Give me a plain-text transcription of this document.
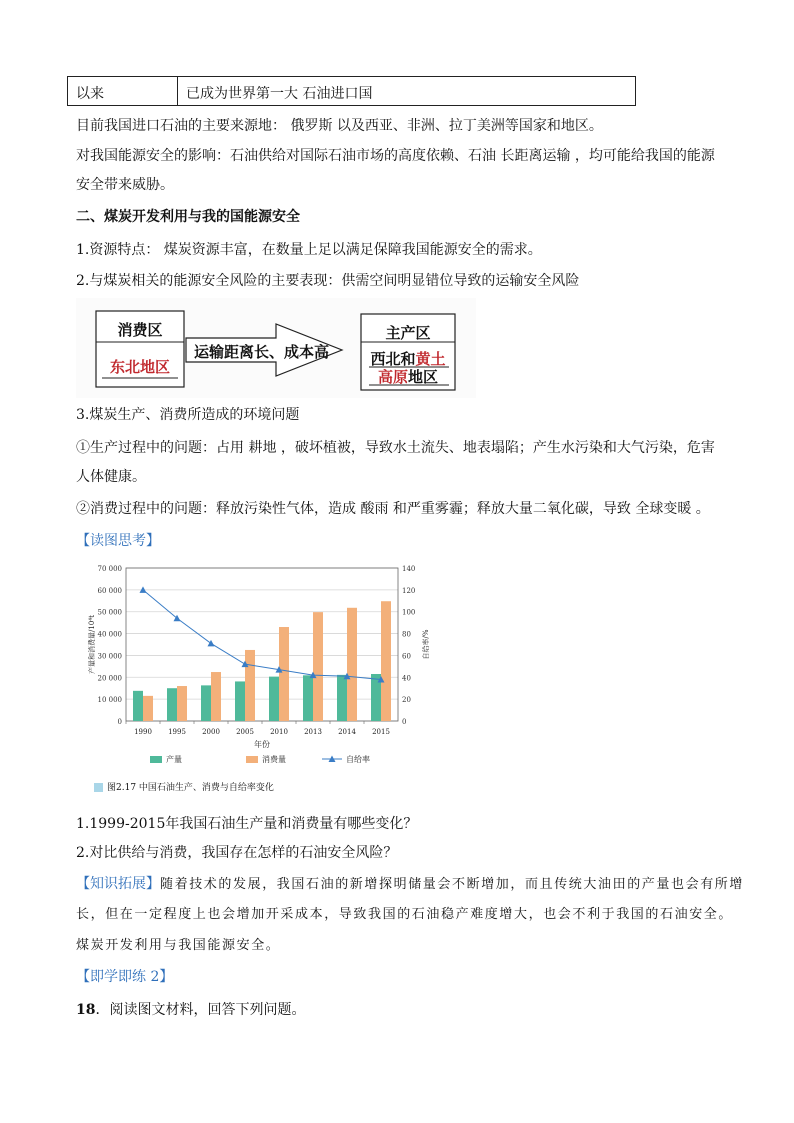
以来	已成为世界第一大 石油进口国
目前我国进口石油的主要来源地： 俄罗斯 以及西亚、非洲、拉丁美洲等国家和地区。
对我国能源安全的影响：石油供给对国际石油市场的高度依赖、石油 长距离运输 ，均可能给我国的能源
安全带来威胁。
二、煤炭开发利用与我的国能源安全
1.资源特点： 煤炭资源丰富，在数量上足以满足保障我国能源安全的需求。
2.与煤炭相关的能源安全风险的主要表现：供需空间明显错位导致的运输安全风险
消费区
东北地区
运输距离长、成本高
主产区
西北和黄土
高原地区
3.煤炭生产、消费所造成的环境问题
①生产过程中的问题：占用 耕地 ，破坏植被，导致水土流失、地表塌陷；产生水污染和大气污染，危害
人体健康。
②消费过程中的问题：释放污染性气体，造成 酸雨 和严重雾霾；释放大量二氧化碳，导致 全球变暖 。
【读图思考】
0
10 000
20 000
30 000
40 000
50 000
60 000
70 000
0
20
40
60
80
100
120
140
1990 1995 2000 2005 2010 2013 2014 2015
年份
产量和消费量/10⁴t	自给率/%
产量	消费量	自给率
图2.17 中国石油生产、消费与自给率变化
1.1999-2015年我国石油生产量和消费量有哪些变化？
2.对比供给与消费，我国存在怎样的石油安全风险？
【知识拓展】随着技术的发展，我国石油的新增探明储量会不断增加，而且传统大油田的产量也会有所增
长，但在一定程度上也会增加开采成本，导致我国的石油稳产难度增大，也会不利于我国的石油安全。
煤炭开发利用与我国能源安全。
【即学即练 2】
18．阅读图文材料，回答下列问题。
